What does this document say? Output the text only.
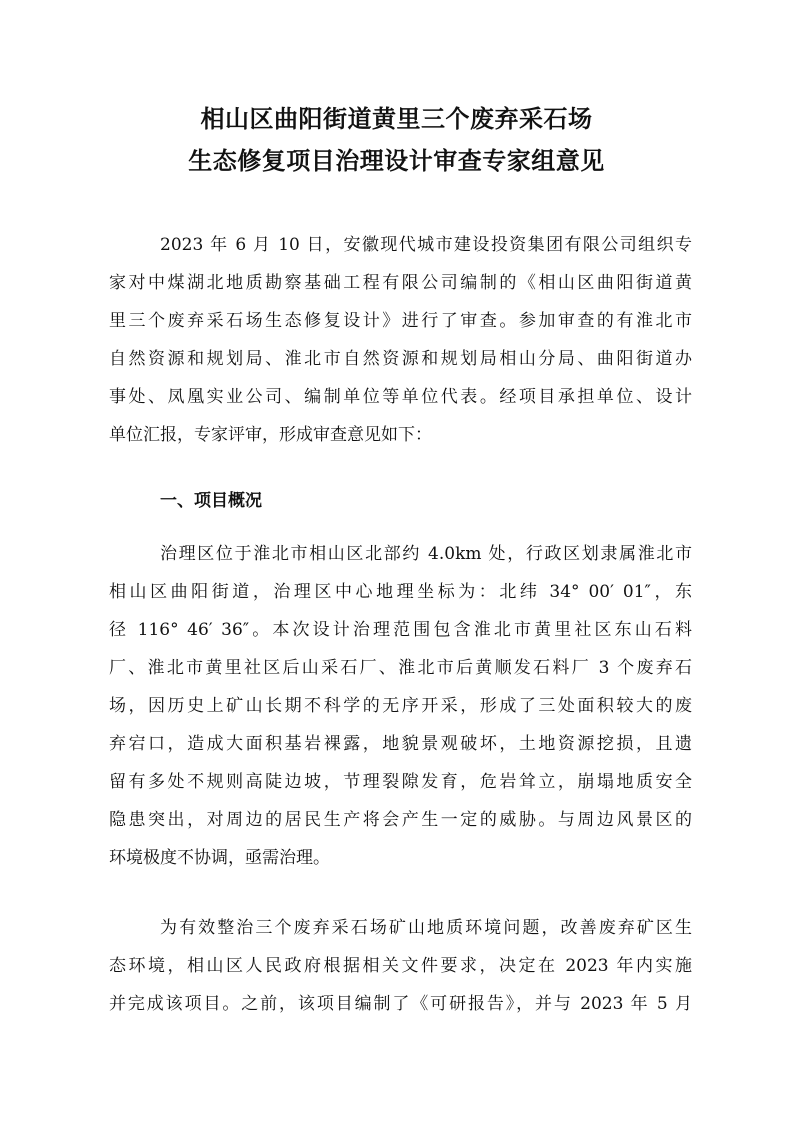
相山区曲阳街道黄里三个废弃采石场
生态修复项目治理设计审查专家组意见
2023 年 6 月 10 日，安徽现代城市建设投资集团有限公司组织专
家对中煤湖北地质勘察基础工程有限公司编制的《相山区曲阳街道黄
里三个废弃采石场生态修复设计》进行了审查。参加审查的有淮北市
自然资源和规划局、淮北市自然资源和规划局相山分局、曲阳街道办
事处、凤凰实业公司、编制单位等单位代表。经项目承担单位、设计
单位汇报，专家评审，形成审查意见如下：
一、项目概况
治理区位于淮北市相山区北部约 4.0km 处，行政区划隶属淮北市
相山区曲阳街道，治理区中心地理坐标为：北纬 34° 00′ 01″，东
径 116° 46′ 36″。本次设计治理范围包含淮北市黄里社区东山石料
厂、淮北市黄里社区后山采石厂、淮北市后黄顺发石料厂 3 个废弃石
场，因历史上矿山长期不科学的无序开采，形成了三处面积较大的废
弃宕口，造成大面积基岩裸露，地貌景观破坏，土地资源挖损，且遗
留有多处不规则高陡边坡，节理裂隙发育，危岩耸立，崩塌地质安全
隐患突出，对周边的居民生产将会产生一定的威胁。与周边风景区的
环境极度不协调，亟需治理。
为有效整治三个废弃采石场矿山地质环境问题，改善废弃矿区生
态环境，相山区人民政府根据相关文件要求，决定在 2023 年内实施
并完成该项目。之前，该项目编制了《可研报告》，并与 2023 年 5 月
